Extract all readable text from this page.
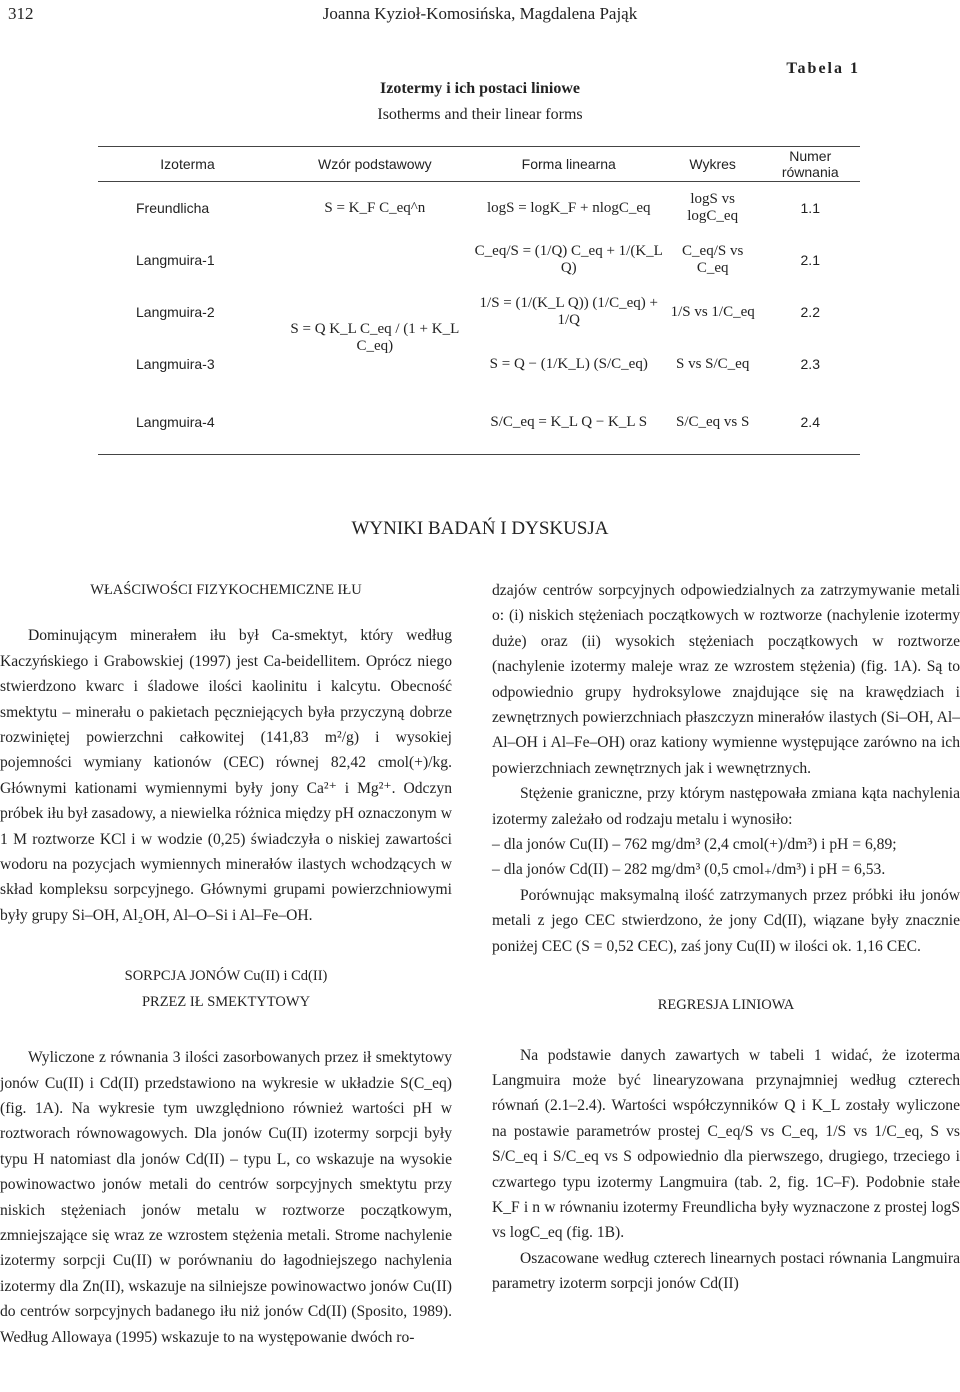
312	Joanna Kyzioł-Komosińska, Magdalena Pająk
Tabela 1
Izotermy i ich postaci liniowe
Isotherms and their linear forms
Izoterma	Wzór podstawowy	Forma linearna	Wykres	Numer równania
Freundlicha	S = K_F C_eq^n	logS = logK_F + nlogC_eq	logS vs logC_eq	1.1
Langmuira-1		C_eq/S = (1/Q) C_eq + 1/(K_L Q)	C_eq/S vs C_eq	2.1
Langmuira-2	S = Q K_L C_eq / (1 + K_L C_eq)	1/S = (1/(K_L Q)) (1/C_eq) + 1/Q	1/S vs 1/C_eq	2.2
Langmuira-3		S = Q − (1/K_L) (S/C_eq)	S vs S/C_eq	2.3
Langmuira-4		S/C_eq = K_L Q − K_L S	S/C_eq vs S	2.4
WYNIKI BADAŃ I DYSKUSJA
WŁAŚCIWOŚCI FIZYKOCHEMICZNE IŁU

Dominującym minerałem iłu był Ca-smektyt, który według Kaczyńskiego i Grabowskiej (1997) jest Ca-beidellitem. Oprócz niego stwierdzono kwarc i śladowe ilości kaolinitu i kalcytu. Obecność smektytu – minerału o pakietach pęczniejących była przyczyną dobrze rozwiniętej powierzchni całkowitej (141,83 m²/g) i wysokiej pojemności wymiany kationów (CEC) równej 82,42 cmol(+)/kg. Głównymi kationami wymiennymi były jony Ca²⁺ i Mg²⁺. Odczyn próbek iłu był zasadowy, a niewielka różnica między pH oznaczonym w 1 M roztworze KCl i w wodzie (0,25) świadczyła o niskiej zawartości wodoru na pozycjach wymiennych minerałów ilastych wchodzących w skład kompleksu sorpcyjnego. Głównymi grupami powierzchniowymi były grupy Si–OH, Al₂OH, Al–O–Si i Al–Fe–OH.

SORPCJA JONÓW Cu(II) i Cd(II)
PRZEZ IŁ SMEKTYTOWY

Wyliczone z równania 3 ilości zasorbowanych przez ił smektytowy jonów Cu(II) i Cd(II) przedstawiono na wykresie w układzie S(C_eq) (fig. 1A). Na wykresie tym uwzględniono również wartości pH w roztworach równowagowych. Dla jonów Cu(II) izotermy sorpcji były typu H natomiast dla jonów Cd(II) – typu L, co wskazuje na wysokie powinowactwo jonów metali do centrów sorpcyjnych smektytu przy niskich stężeniach jonów metalu w roztworze początkowym, zmniejszające się wraz ze wzrostem stężenia metali. Strome nachylenie izotermy sorpcji Cu(II) w porównaniu do łagodniejszego nachylenia izotermy dla Zn(II), wskazuje na silniejsze powinowactwo jonów Cu(II) do centrów sorpcyjnych badanego iłu niż jonów Cd(II) (Sposito, 1989). Według Allowaya (1995) wskazuje to na występowanie dwóch ro-

dzajów centrów sorpcyjnych odpowiedzialnych za zatrzymywanie metali o: (i) niskich stężeniach początkowych w roztworze (nachylenie izotermy duże) oraz (ii) wysokich stężeniach początkowych w roztworze (nachylenie izotermy maleje wraz ze wzrostem stężenia) (fig. 1A). Są to odpowiednio grupy hydroksylowe znajdujące się na krawędziach i zewnętrznych powierzchniach płaszczyzn minerałów ilastych (Si–OH, Al–Al–OH i Al–Fe–OH) oraz kationy wymienne występujące zarówno na ich powierzchniach zewnętrznych jak i wewnętrznych.

Stężenie graniczne, przy którym następowała zmiana kąta nachylenia izotermy zależało od rodzaju metalu i wynosiło:

– dla jonów Cu(II) – 762 mg/dm³ (2,4 cmol(+)/dm³) i pH = 6,89;
– dla jonów Cd(II) – 282 mg/dm³ (0,5 cmol₊/dm³) i pH = 6,53.

Porównując maksymalną ilość zatrzymanych przez próbki iłu jonów metali z jego CEC stwierdzono, że jony Cd(II), wiązane były znacznie poniżej CEC (S = 0,52 CEC), zaś jony Cu(II) w ilości ok. 1,16 CEC.

REGRESJA LINIOWA

Na podstawie danych zawartych w tabeli 1 widać, że izoterma Langmuira może być linearyzowana przynajmniej według czterech równań (2.1–2.4). Wartości współczynników Q i K_L zostały wyliczone na postawie parametrów prostej C_eq/S vs C_eq, 1/S vs 1/C_eq, S vs S/C_eq i S/C_eq vs S odpowiednio dla pierwszego, drugiego, trzeciego i czwartego typu izotermy Langmuira (tab. 2, fig. 1C–F). Podobnie stałe K_F i n w równaniu izotermy Freundlicha były wyznaczone z prostej logS vs logC_eq (fig. 1B).

Oszacowane według czterech linearnych postaci równania Langmuira parametry izoterm sorpcji jonów Cd(II)
